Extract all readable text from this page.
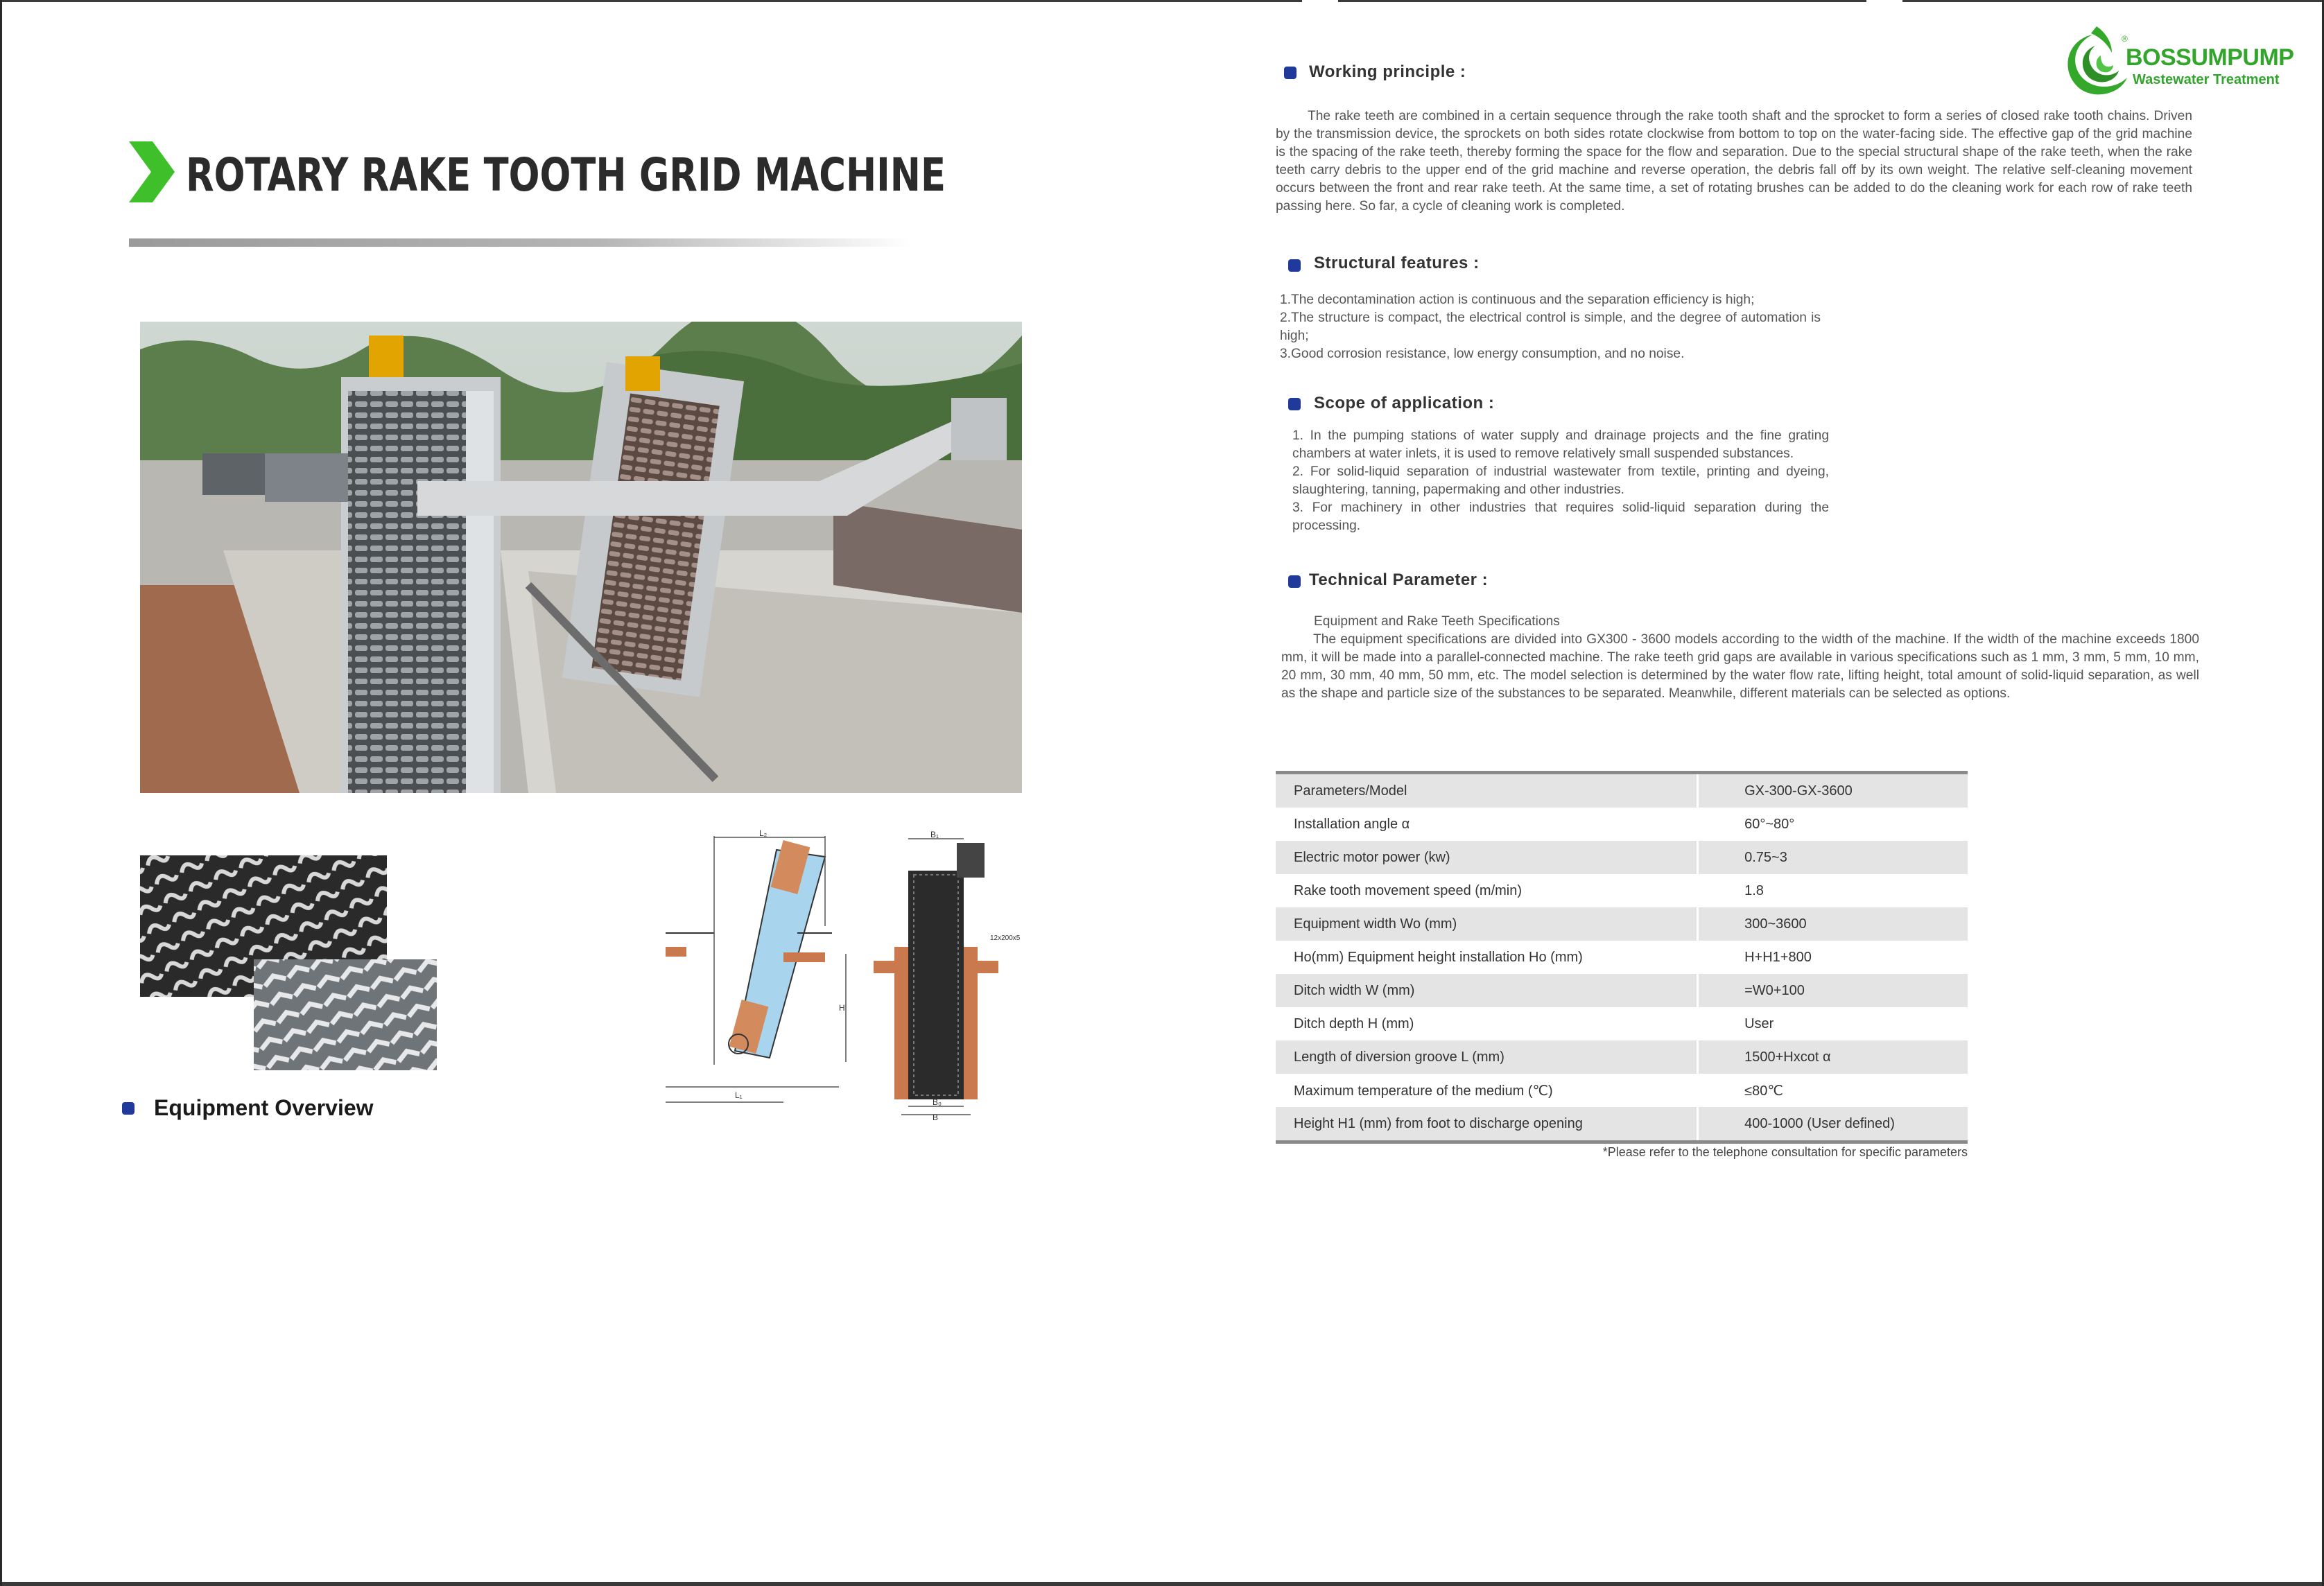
ROTARY RAKE TOOTH GRID MACHINE
L₂
L₁
H
B₁
B₀
B
12x200x5

Equipment Overview

®

BOSSUMPUMP

Wastewater Treatment

Working principle :

The rake teeth are combined in a certain sequence through the rake tooth shaft and the sprocket to form a series of closed rake tooth chains. Driven by the transmission device, the sprockets on both sides rotate clockwise from bottom to top on the water-facing side. The effective gap of the grid machine is the spacing of the rake teeth, thereby forming the space for the flow and separation. Due to the special structural shape of the rake teeth, when the rake teeth carry debris to the upper end of the grid machine and reverse operation, the debris fall off by its own weight. The relative self-cleaning movement occurs between the front and rear rake teeth. At the same time, a set of rotating brushes can be added to do the cleaning work for each row of rake teeth passing here. So far, a cycle of cleaning work is completed.

Structural features :

1.The decontamination action is continuous and the separation efficiency is high;
2.The structure is compact, the electrical control is simple, and the degree of automation is high;
3.Good corrosion resistance, low energy consumption, and no noise.

Scope of application :

1. In the pumping stations of water supply and drainage projects and the fine grating chambers at water inlets, it is used to remove relatively small suspended substances.
2. For solid-liquid separation of industrial wastewater from textile, printing and dyeing, slaughtering, tanning, papermaking and other industries.
3. For machinery in other industries that requires solid-liquid separation during the processing.

Technical Parameter :

Equipment and Rake Teeth Specifications

The equipment specifications are divided into GX300 - 3600 models according to the width of the machine. If the width of the machine exceeds 1800 mm, it will be made into a parallel-connected machine. The rake teeth grid gaps are available in various specifications such as 1 mm, 3 mm, 5 mm, 10 mm, 20 mm, 30 mm, 40 mm, 50 mm, etc. The model selection is determined by the water flow rate, lifting height, total amount of solid-liquid separation, as well as the shape and particle size of the substances to be separated. Meanwhile, different materials can be selected as options.

Parameters/Model	GX-300-GX-3600
Installation angle α	60°~80°
Electric motor power (kw)	0.75~3
Rake tooth movement speed (m/min)	1.8
Equipment width Wo (mm)	300~3600
Ho(mm) Equipment height installation Ho (mm)	H+H1+800
Ditch width W (mm)	=W0+100
Ditch depth H (mm)	User
Length of diversion groove L (mm)	1500+Hxcot α
Maximum temperature of the medium (℃)	≤80℃
Height H1 (mm) from foot to discharge opening	400-1000 (User defined)

*Please refer to the telephone consultation for specific parameters
